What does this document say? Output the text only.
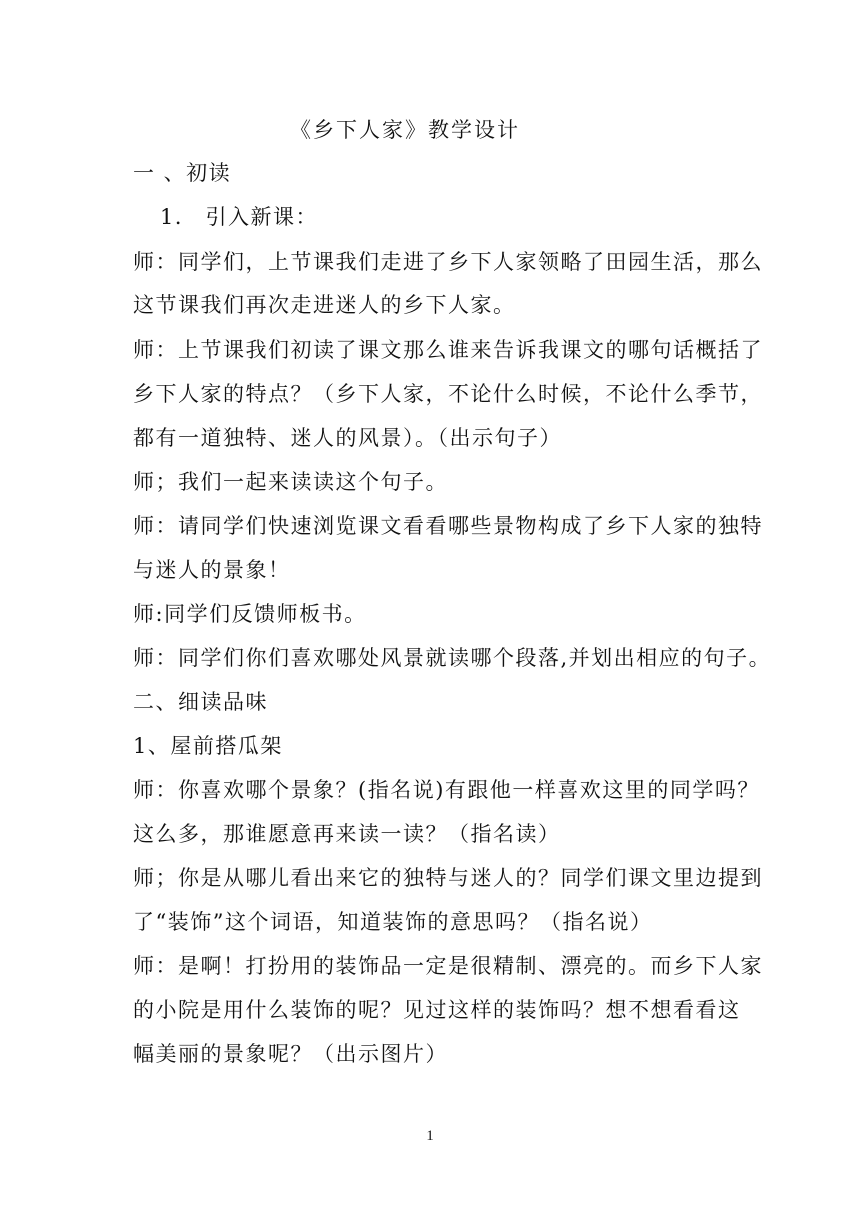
《乡下人家》教学设计
一 、初读
1． 引入新课：
师：同学们，上节课我们走进了乡下人家领略了田园生活，那么
这节课我们再次走进迷人的乡下人家。
师：上节课我们初读了课文那么谁来告诉我课文的哪句话概括了
乡下人家的特点？（乡下人家，不论什么时候，不论什么季节，
都有一道独特、迷人的风景）。（出示句子）
师；我们一起来读读这个句子。
师：请同学们快速浏览课文看看哪些景物构成了乡下人家的独特
与迷人的景象！
师:同学们反馈师板书。
师：同学们你们喜欢哪处风景就读哪个段落,并划出相应的句子。
二、细读品味
1、屋前搭瓜架
师：你喜欢哪个景象？(指名说)有跟他一样喜欢这里的同学吗？
这么多，那谁愿意再来读一读？（指名读）
师；你是从哪儿看出来它的独特与迷人的？同学们课文里边提到
了“装饰”这个词语，知道装饰的意思吗？（指名说）
师：是啊！打扮用的装饰品一定是很精制、漂亮的。而乡下人家
的小院是用什么装饰的呢？见过这样的装饰吗？想不想看看这
幅美丽的景象呢？（出示图片）
1
